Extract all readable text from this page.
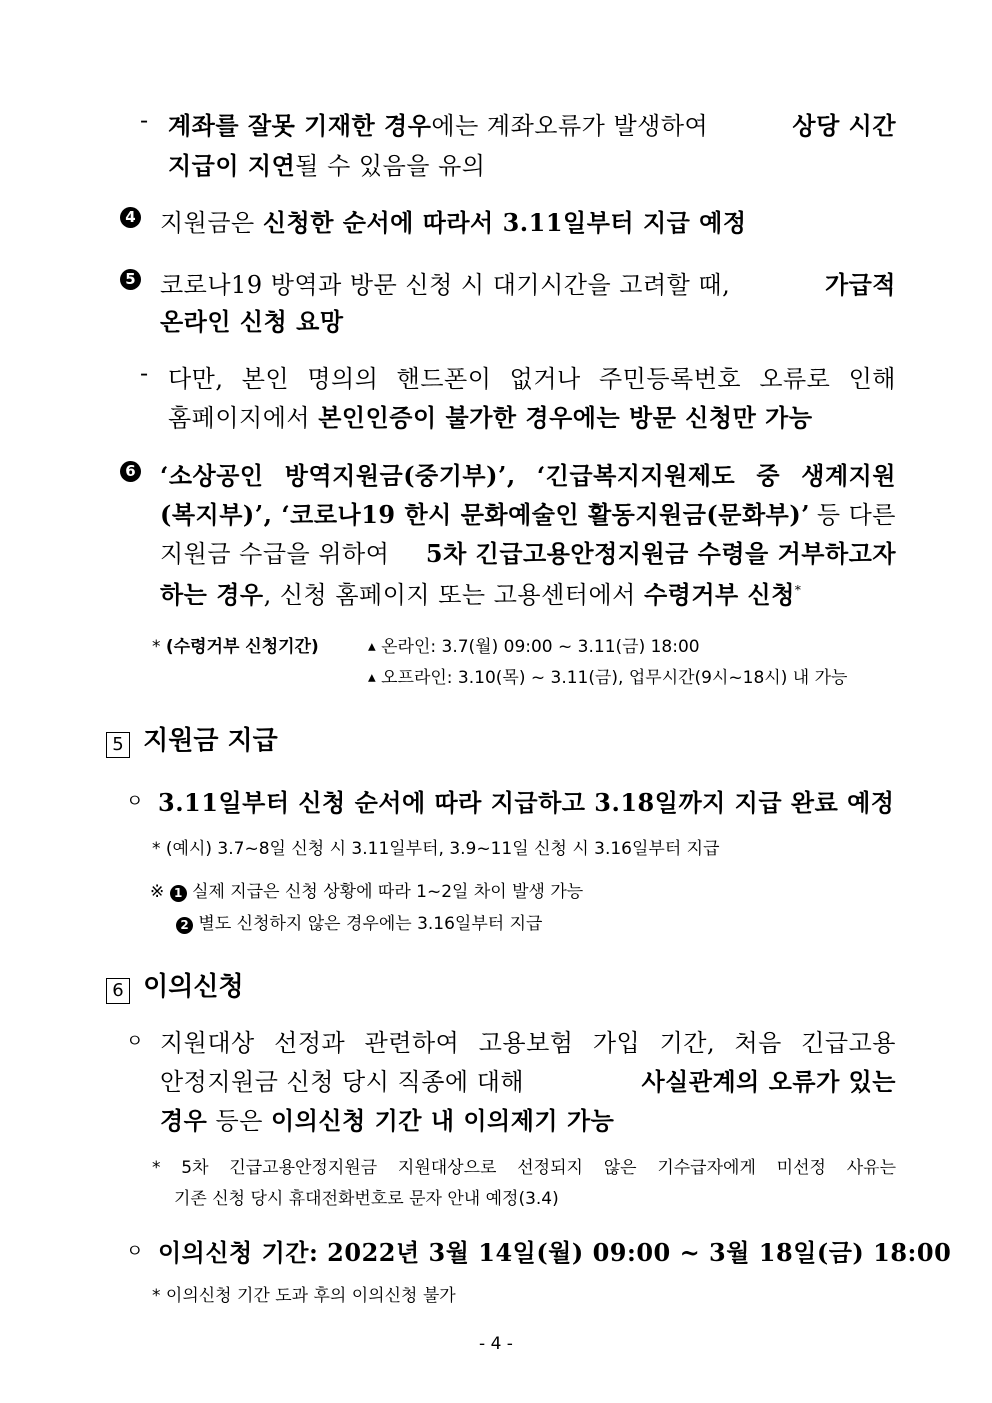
- 계좌를 잘못 기재한 경우에는 계좌오류가 발생하여	상당 시간
지급이 지연될 수 있음을 유의
4 지원금은 신청한 순서에 따라서 3.11일부터 지급 예정
5 코로나19 방역과 방문 신청 시 대기시간을 고려할 때,	가급적
온라인 신청 요망
- 다만, 본인 명의의 핸드폰이 없거나 주민등록번호 오류로 인해
홈페이지에서 본인인증이 불가한 경우에는 방문 신청만 가능
6 ‘소상공인 방역지원금(중기부)’, ‘긴급복지지원제도 중 생계지원
(복지부)’, ‘코로나19 한시 문화예술인 활동지원금(문화부)’ 등 다른
지원금 수급을 위하여 5차 긴급고용안정지원금 수령을 거부하고자
하는 경우, 신청 홈페이지 또는 고용센터에서 수령거부 신청*
* (수령거부 신청기간)	▲ 온라인: 3.7(월) 09:00 ~ 3.11(금) 18:00
▲ 오프라인: 3.10(목) ~ 3.11(금), 업무시간(9시~18시) 내 가능
5 지원금 지급
ㅇ 3.11일부터 신청 순서에 따라 지급하고 3.18일까지 지급 완료 예정
* (예시) 3.7~8일 신청 시 3.11일부터, 3.9~11일 신청 시 3.16일부터 지급
※ 1 실제 지급은 신청 상황에 따라 1~2일 차이 발생 가능
2 별도 신청하지 않은 경우에는 3.16일부터 지급
6 이의신청
ㅇ 지원대상 선정과 관련하여 고용보험 가입 기간, 처음 긴급고용
안정지원금 신청 당시 직종에 대해	사실관계의 오류가 있는
경우 등은 이의신청 기간 내 이의제기 가능
* 5차 긴급고용안정지원금 지원대상으로 선정되지 않은 기수급자에게 미선정 사유는
기존 신청 당시 휴대전화번호로 문자 안내 예정(3.4)
ㅇ 이의신청 기간: 2022년 3월 14일(월) 09:00 ~ 3월 18일(금) 18:00
* 이의신청 기간 도과 후의 이의신청 불가
- 4 -
